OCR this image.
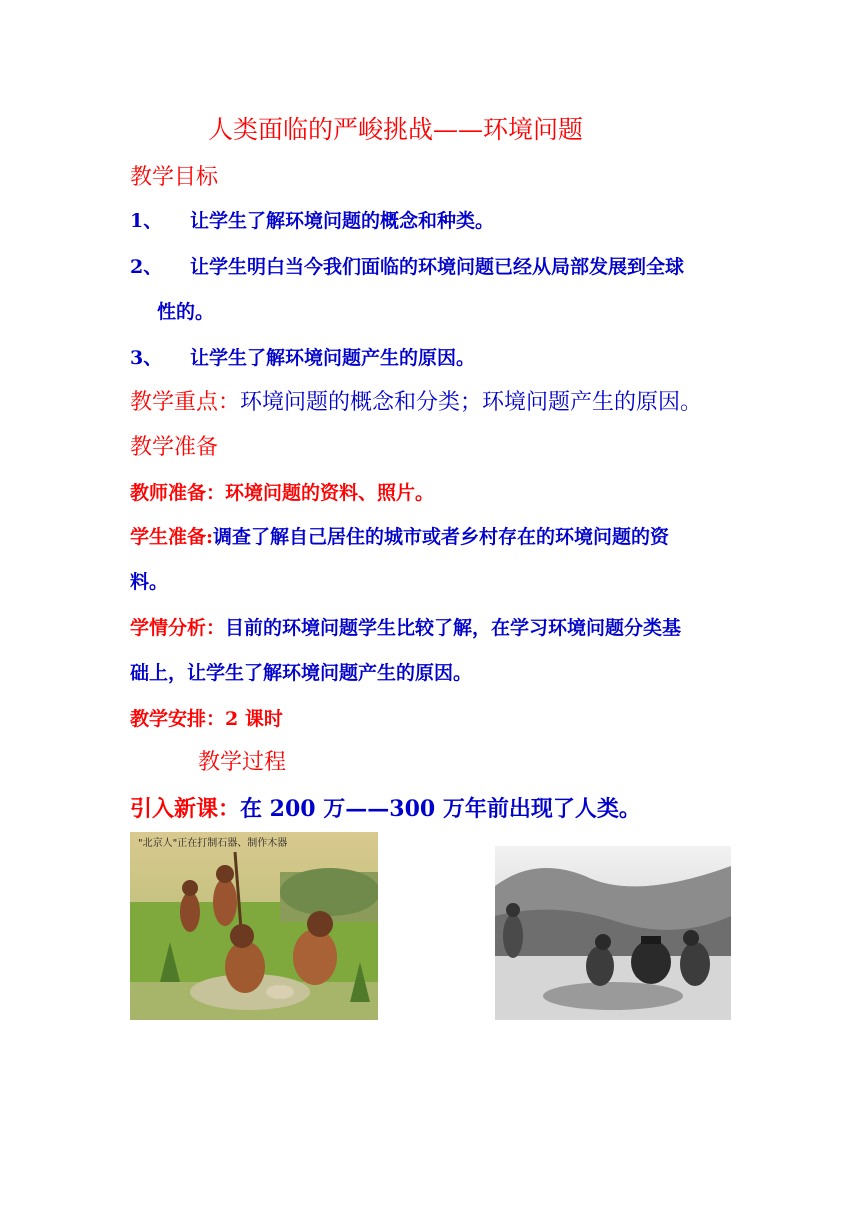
人类面临的严峻挑战——环境问题
教学目标
1、 让学生了解环境问题的概念和种类。
2、 让学生明白当今我们面临的环境问题已经从局部发展到全球
性的。
3、 让学生了解环境问题产生的原因。
教学重点：环境问题的概念和分类；环境问题产生的原因。
教学准备
教师准备：环境问题的资料、照片。
学生准备:调查了解自己居住的城市或者乡村存在的环境问题的资
料。
学情分析：目前的环境问题学生比较了解，在学习环境问题分类基
础上，让学生了解环境问题产生的原因。
教学安排：2 课时
教学过程
引入新课：在 200 万——300 万年前出现了人类。
"北京人"正在打制石器、制作木器
